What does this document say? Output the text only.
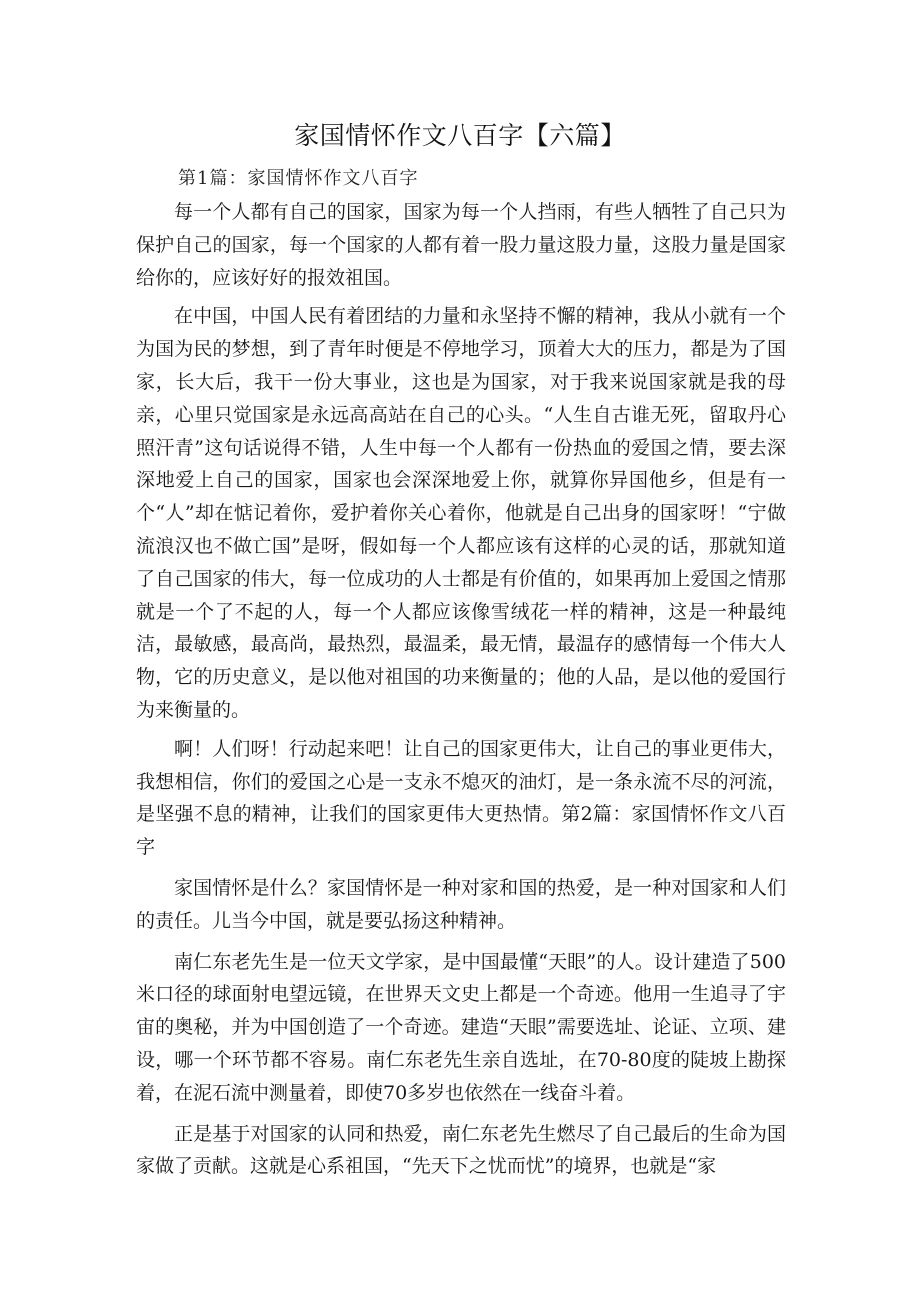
家国情怀作文八百字【六篇】
第1篇：家国情怀作文八百字

每一个人都有自己的国家，国家为每一个人挡雨，有些人牺牲了自己只为保护自己的国家，每一个国家的人都有着一股力量这股力量，这股力量是国家给你的，应该好好的报效祖国。

在中国，中国人民有着团结的力量和永坚持不懈的精神，我从小就有一个为国为民的梦想，到了青年时便是不停地学习，顶着大大的压力，都是为了国家，长大后，我干一份大事业，这也是为国家，对于我来说国家就是我的母亲，心里只觉国家是永远高高站在自己的心头。“人生自古谁无死，留取丹心照汗青”这句话说得不错，人生中每一个人都有一份热血的爱国之情，要去深深地爱上自己的国家，国家也会深深地爱上你，就算你异国他乡，但是有一个“人”却在惦记着你，爱护着你关心着你，他就是自己出身的国家呀！“宁做流浪汉也不做亡国”是呀，假如每一个人都应该有这样的心灵的话，那就知道了自己国家的伟大，每一位成功的人士都是有价值的，如果再加上爱国之情那就是一个了不起的人，每一个人都应该像雪绒花一样的精神，这是一种最纯洁，最敏感，最高尚，最热烈，最温柔，最无情，最温存的感情每一个伟大人物，它的历史意义，是以他对祖国的功来衡量的；他的人品，是以他的爱国行为来衡量的。

啊！人们呀！行动起来吧！让自己的国家更伟大，让自己的事业更伟大，我想相信，你们的爱国之心是一支永不熄灭的油灯，是一条永流不尽的河流，是坚强不息的精神，让我们的国家更伟大更热情。第2篇：家国情怀作文八百字

家国情怀是什么？家国情怀是一种对家和国的热爱，是一种对国家和人们的责任。儿当今中国，就是要弘扬这种精神。

南仁东老先生是一位天文学家，是中国最懂“天眼”的人。设计建造了500米口径的球面射电望远镜，在世界天文史上都是一个奇迹。他用一生追寻了宇宙的奥秘，并为中国创造了一个奇迹。建造“天眼”需要选址、论证、立项、建设，哪一个环节都不容易。南仁东老先生亲自选址，在70-80度的陡坡上勘探着，在泥石流中测量着，即使70多岁也依然在一线奋斗着。

正是基于对国家的认同和热爱，南仁东老先生燃尽了自己最后的生命为国家做了贡献。这就是心系祖国，“先天下之忧而忧”的境界，也就是“家
